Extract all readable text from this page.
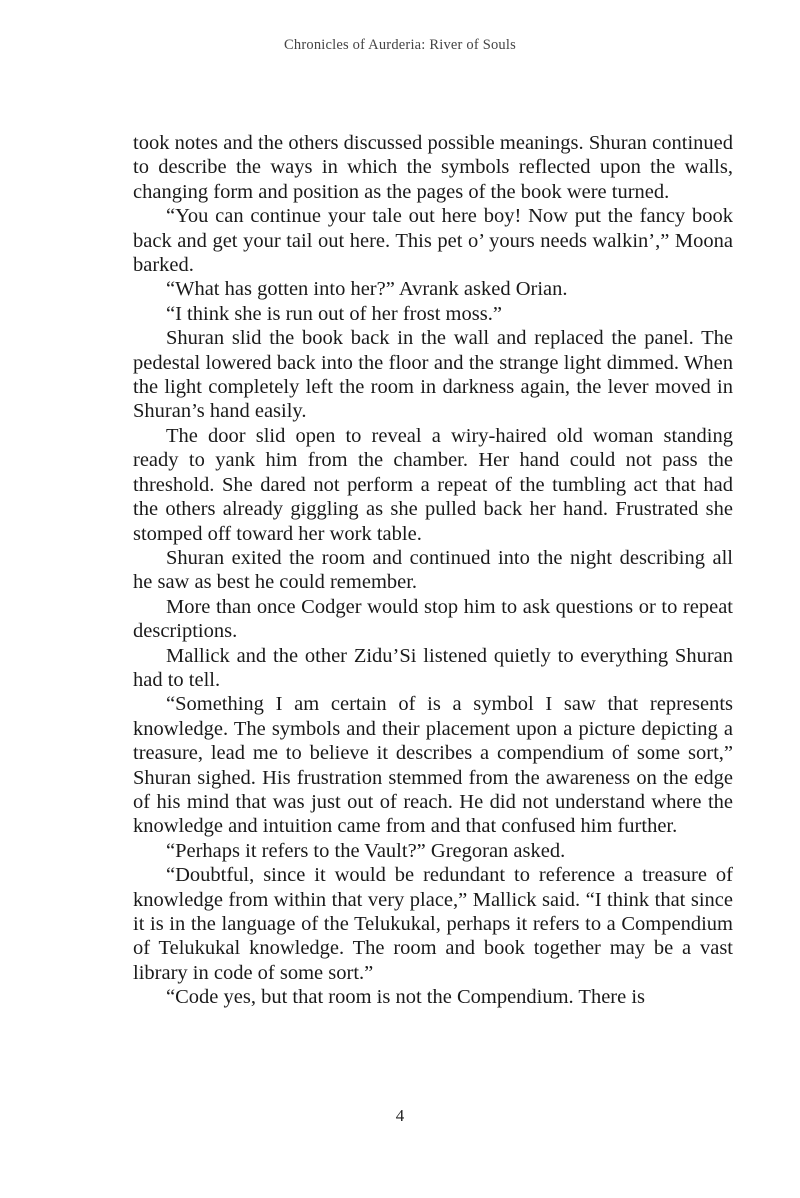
Chronicles of Aurderia: River of Souls

took notes and the others discussed possible meanings. Shuran continued to describe the ways in which the symbols reflected upon the walls, changing form and position as the pages of the book were turned.

“You can continue your tale out here boy! Now put the fancy book back and get your tail out here. This pet o’ yours needs walkin’,” Moona barked.

“What has gotten into her?” Avrank asked Orian.

“I think she is run out of her frost moss.”

Shuran slid the book back in the wall and replaced the panel. The pedestal lowered back into the floor and the strange light dimmed. When the light completely left the room in darkness again, the lever moved in Shuran’s hand easily.

The door slid open to reveal a wiry-haired old woman standing ready to yank him from the chamber. Her hand could not pass the threshold. She dared not perform a repeat of the tumbling act that had the others already giggling as she pulled back her hand. Frustrated she stomped off toward her work table.

Shuran exited the room and continued into the night describing all he saw as best he could remember.

More than once Codger would stop him to ask questions or to repeat descriptions.

Mallick and the other Zidu’Si listened quietly to everything Shuran had to tell.

“Something I am certain of is a symbol I saw that represents knowledge. The symbols and their placement upon a picture depicting a treasure, lead me to believe it describes a compendium of some sort,” Shuran sighed. His frustration stemmed from the awareness on the edge of his mind that was just out of reach. He did not understand where the knowledge and intuition came from and that confused him further.

“Perhaps it refers to the Vault?” Gregoran asked.

“Doubtful, since it would be redundant to reference a treasure of knowledge from within that very place,” Mallick said. “I think that since it is in the language of the Telukukal, perhaps it refers to a Compendium of Telukukal knowledge. The room and book together may be a vast library in code of some sort.”

“Code yes, but that room is not the Compendium. There is

4
